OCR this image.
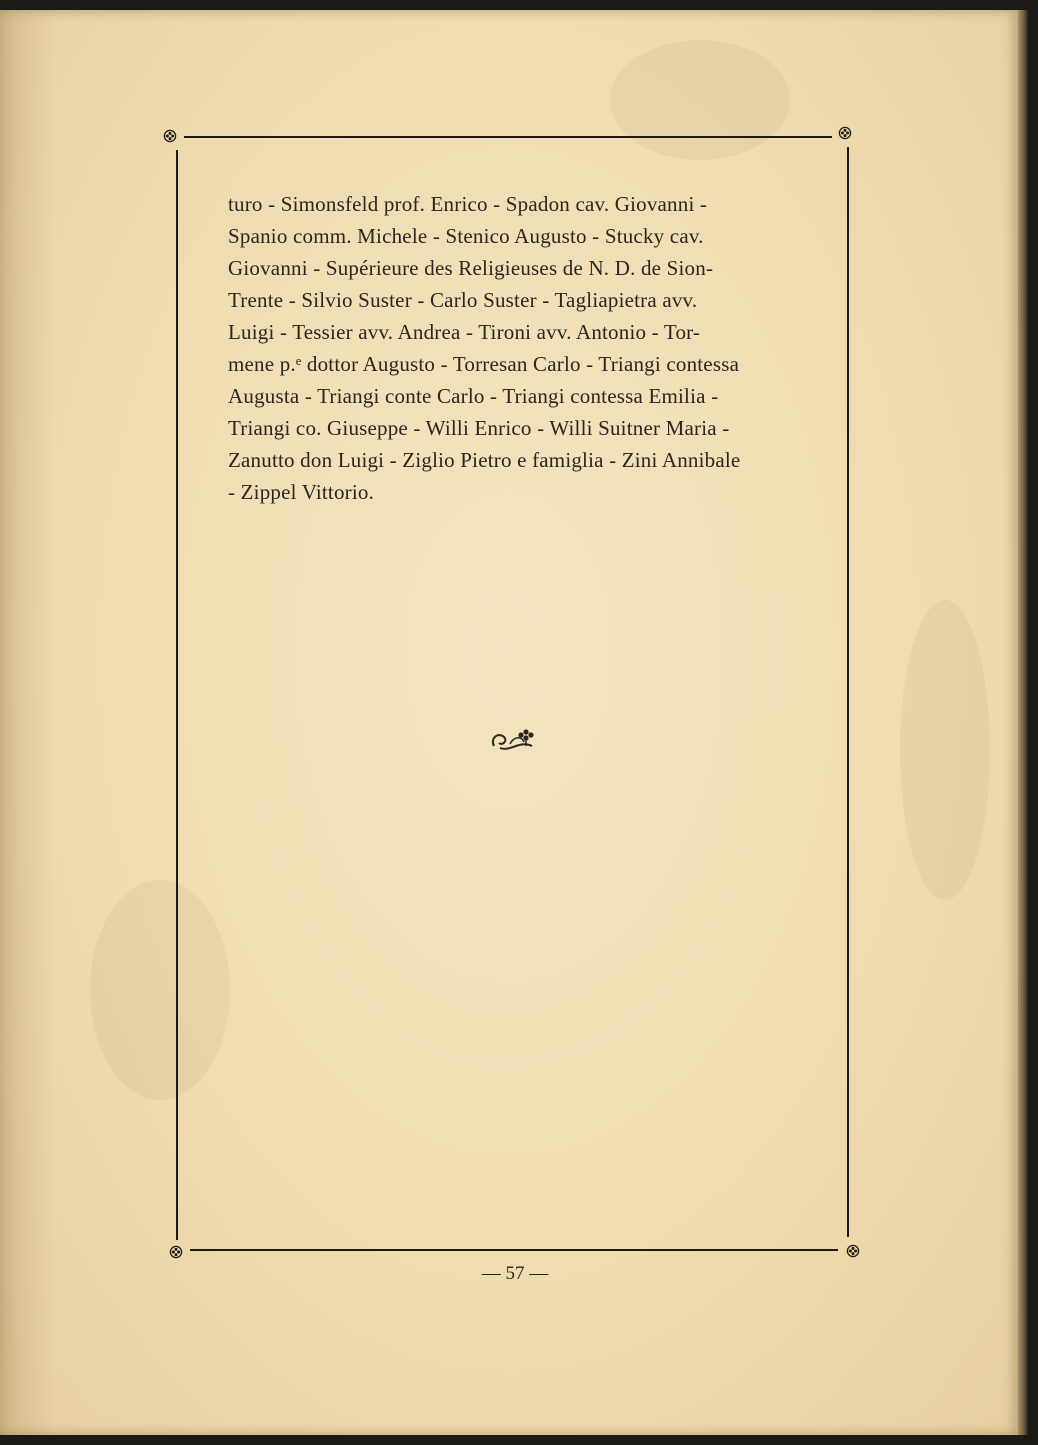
turo - Simonsfeld prof. Enrico - Spadon cav. Giovanni -
Spanio comm. Michele - Stenico Augusto - Stucky cav.
Giovanni - Supérieure des Religieuses de N. D. de Sion-
Trente - Silvio Suster - Carlo Suster - Tagliapietra avv.
Luigi - Tessier avv. Andrea - Tironi avv. Antonio - Tor-
mene p.ᵉ dottor Augusto - Torresan Carlo - Triangi contessa
Augusta - Triangi conte Carlo - Triangi contessa Emilia -
Triangi co. Giuseppe - Willi Enrico - Willi Suitner Maria -
Zanutto don Luigi - Ziglio Pietro e famiglia - Zini Annibale
- Zippel Vittorio.
— 57 —
